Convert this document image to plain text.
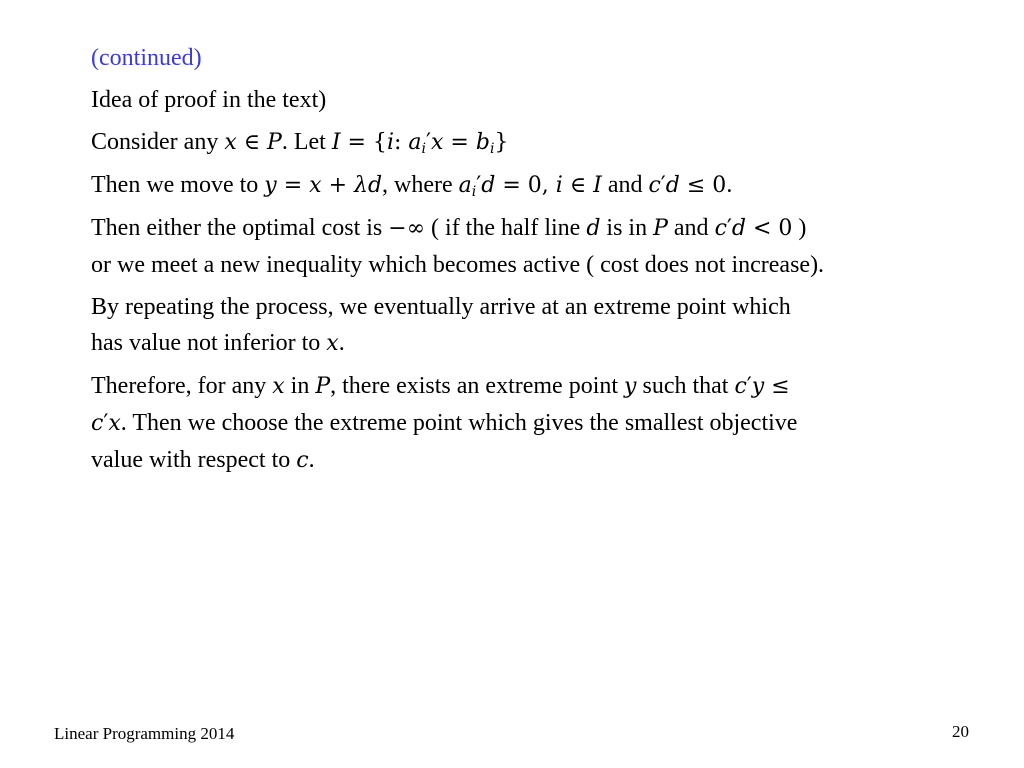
(continued)
Idea of proof in the text)
Consider any x ∈ P. Let I = {i: $a_i'x = b_i$}
Then we move to y = x + λd, where $a_i'd = 0$, i ∈ I and c′d ≤ 0.
Then either the optimal cost is −∞ ( if the half line d is in P and c′d < 0 )
or we meet a new inequality which becomes active ( cost does not increase).
By repeating the process, we eventually arrive at an extreme point which
has value not inferior to x.
Therefore, for any x in P, there exists an extreme point y such that c′y ≤
c′x. Then we choose the extreme point which gives the smallest objective
value with respect to c.
Linear Programming 2014	20
